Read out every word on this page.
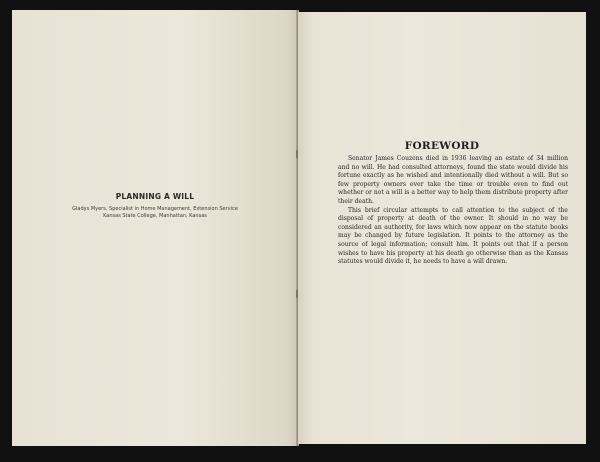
PLANNING A WILL
Gladys Myers, Specialist in Home Management, Extension Service
Kansas State College, Manhattan, Kansas
FOREWORD

Senator James Couzens died in 1936 leaving an estate of 34 million and no will. He had consulted attorneys, found the state would divide his fortune exactly as he wished and intentionally died without a will. But so few property owners ever take the time or trouble even to find out whether or not a will is a better way to help them distribute property after their death.

This brief circular attempts to call attention to the subject of the disposal of property at death of the owner. It should in no way be considered an authority, for laws which now appear on the statute books may be changed by future legislation. It points to the attorney as the source of legal information; consult him. It points out that if a person wishes to have his property at his death go otherwise than as the Kansas statutes would divide it, he needs to have a will drawn.
